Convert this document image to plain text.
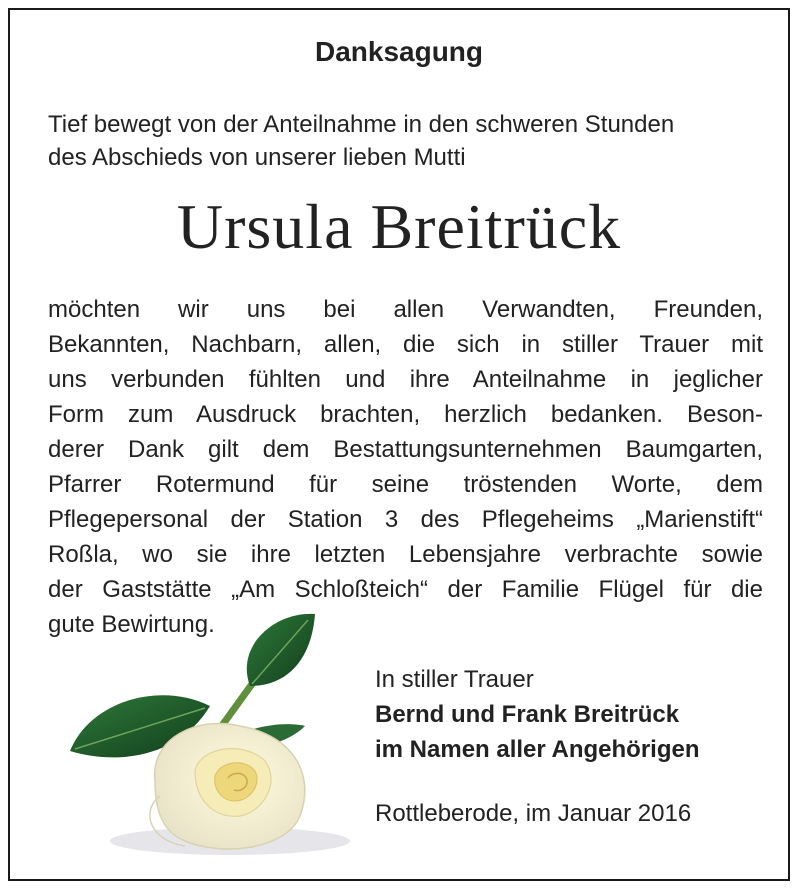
Danksagung
Tief bewegt von der Anteilnahme in den schweren Stunden
des Abschieds von unserer lieben Mutti
Ursula Breitrück
möchten wir uns bei allen Verwandten, Freunden,
Bekannten, Nachbarn, allen, die sich in stiller Trauer mit
uns verbunden fühlten und ihre Anteilnahme in jeglicher
Form zum Ausdruck brachten, herzlich bedanken. Beson-
derer Dank gilt dem Bestattungsunternehmen Baumgarten,
Pfarrer Rotermund für seine tröstenden Worte, dem
Pflegepersonal der Station 3 des Pflegeheims „Marienstift“
Roßla, wo sie ihre letzten Lebensjahre verbrachte sowie
der Gaststätte „Am Schloßteich“ der Familie Flügel für die
gute Bewirtung.
In stiller Trauer
Bernd und Frank Breitrück
im Namen aller Angehörigen
Rottleberode, im Januar 2016
